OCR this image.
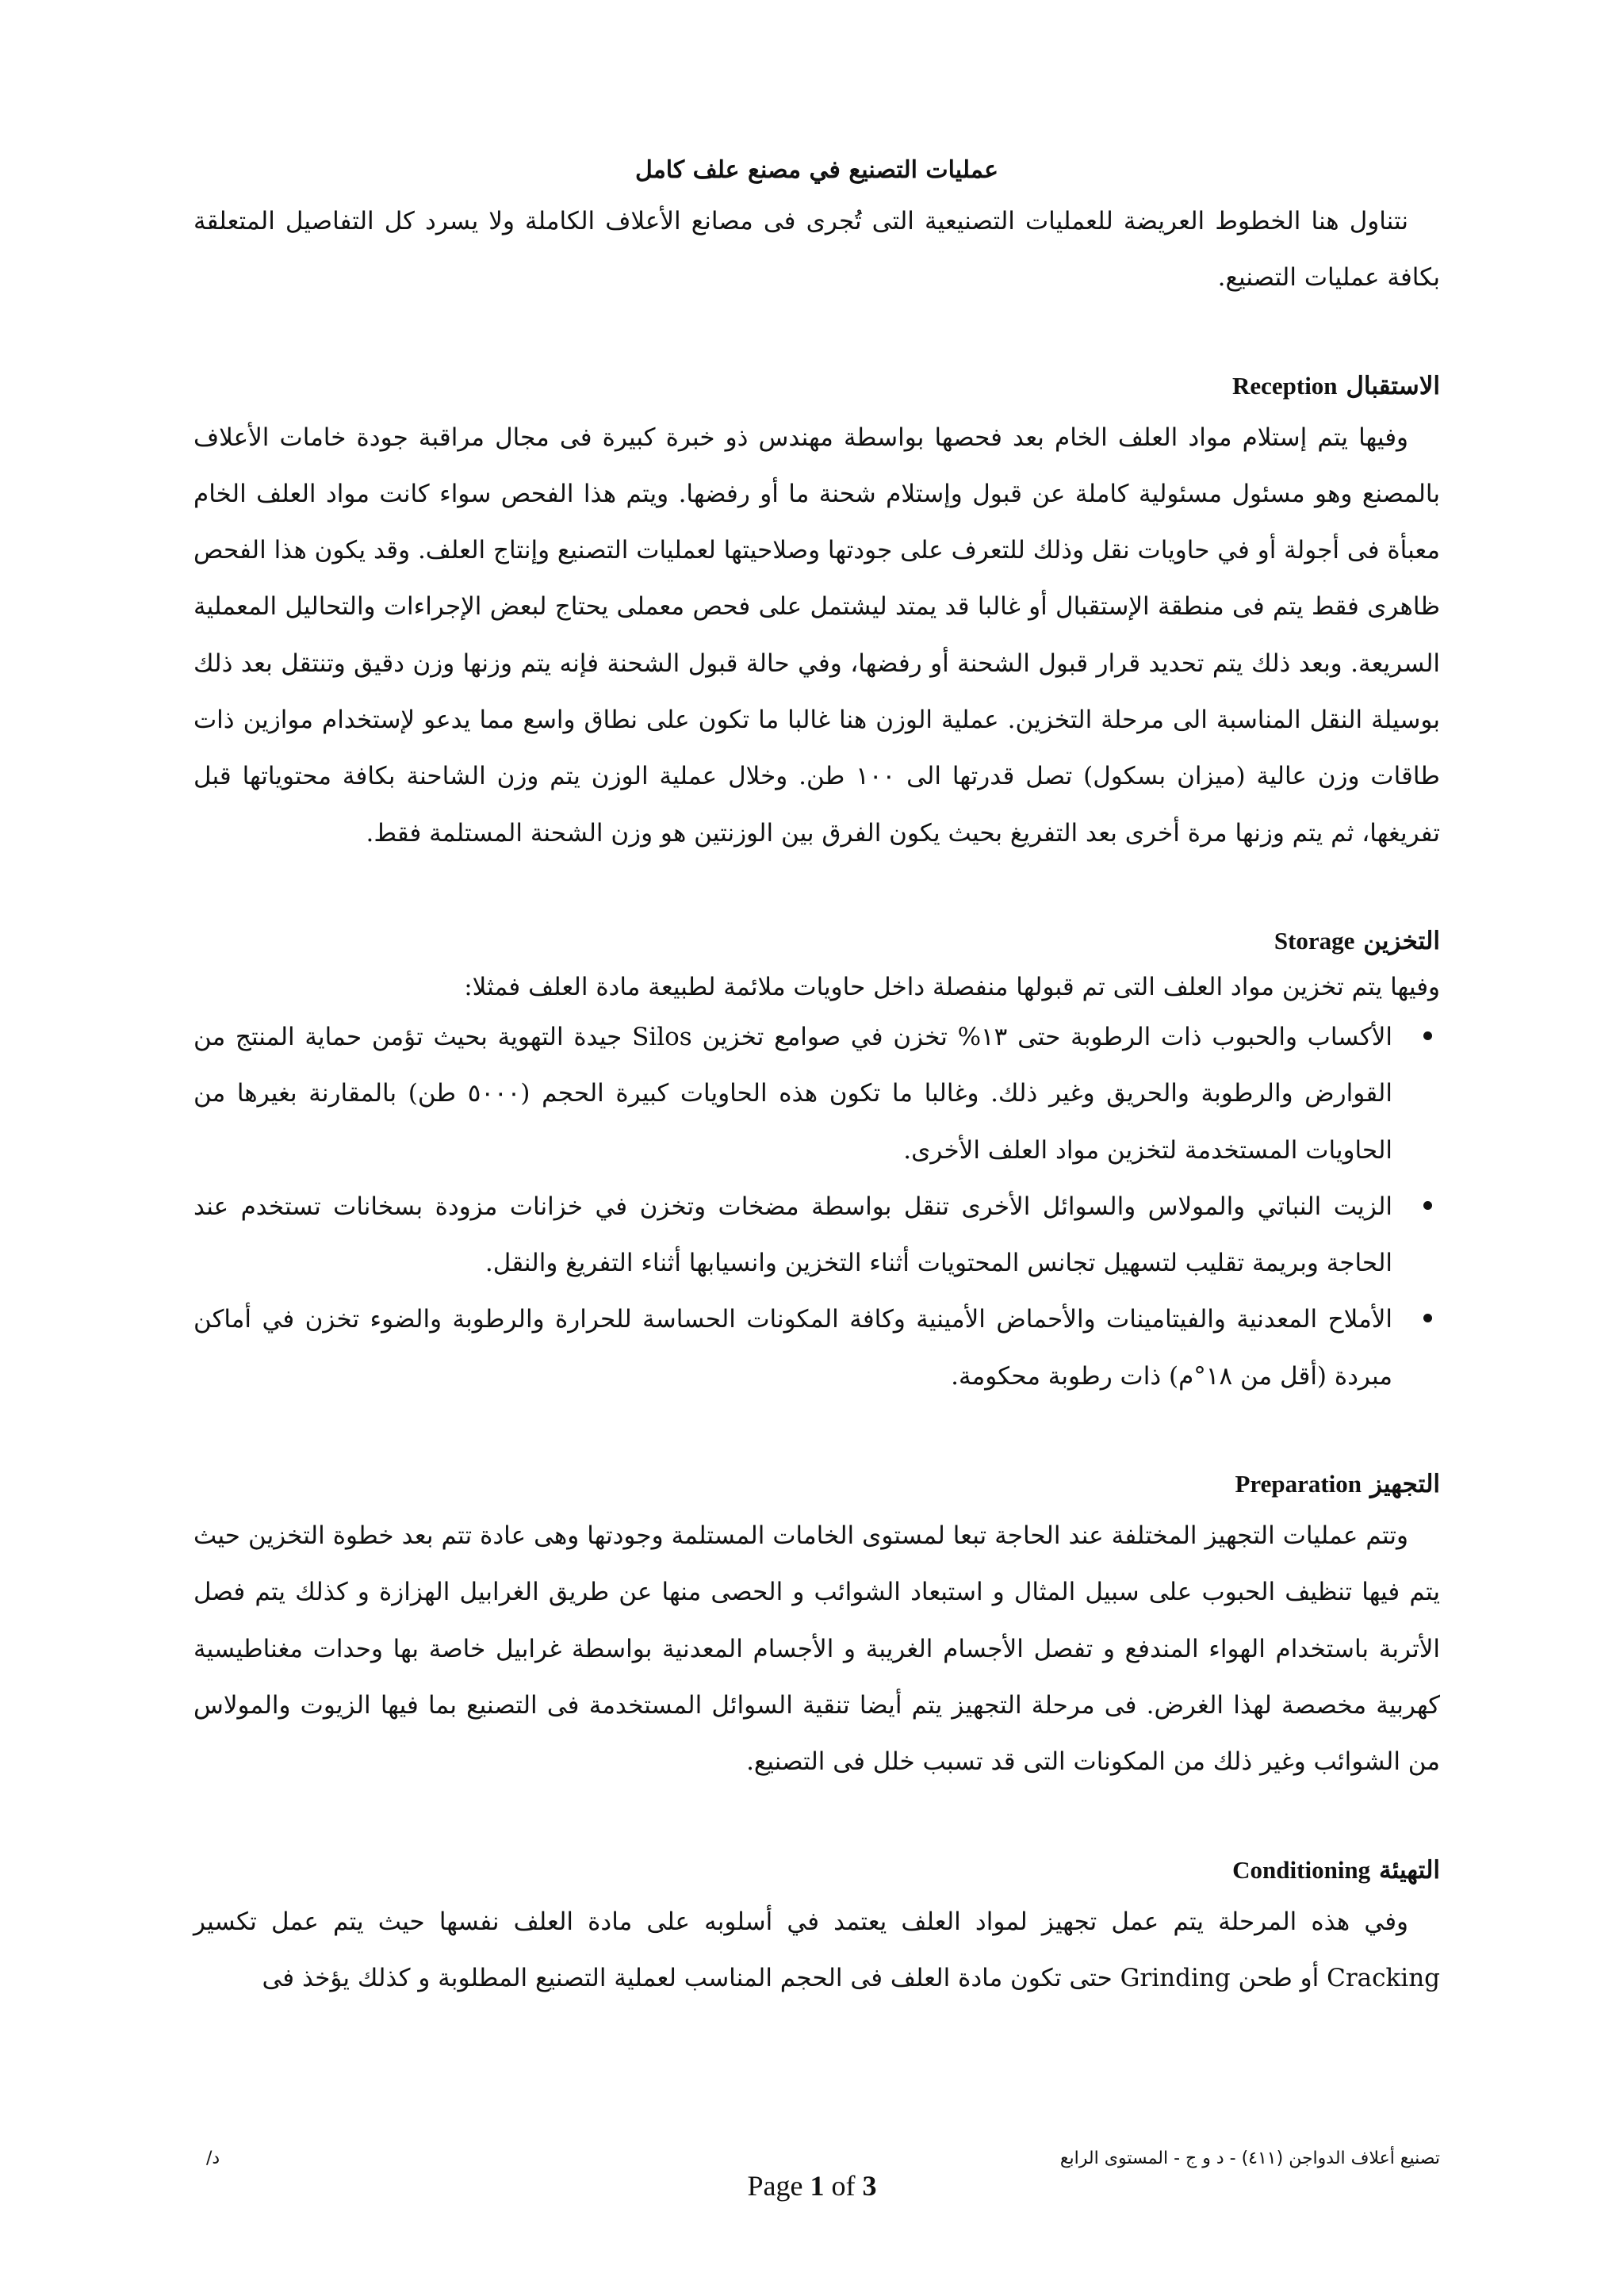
عمليات التصنيع في مصنع علف كامل

نتناول هنا الخطوط العريضة للعمليات التصنيعية التى تُجرى فى مصانع الأعلاف الكاملة ولا يسرد كل التفاصيل المتعلقة بكافة عمليات التصنيع.

الاستقبال Reception

وفيها يتم إستلام مواد العلف الخام بعد فحصها بواسطة مهندس ذو خبرة كبيرة فى مجال مراقبة جودة خامات الأعلاف بالمصنع وهو مسئول مسئولية كاملة عن قبول وإستلام شحنة ما أو رفضها. ويتم هذا الفحص سواء كانت مواد العلف الخام معبأة فى أجولة أو في حاويات نقل وذلك للتعرف على جودتها وصلاحيتها لعمليات التصنيع وإنتاج العلف. وقد يكون هذا الفحص ظاهرى فقط يتم فى منطقة الإستقبال أو غالبا قد يمتد ليشتمل على فحص معملى يحتاج لبعض الإجراءات والتحاليل المعملية السريعة. وبعد ذلك يتم تحديد قرار قبول الشحنة أو رفضها، وفي حالة قبول الشحنة فإنه يتم وزنها وزن دقيق وتنتقل بعد ذلك بوسيلة النقل المناسبة الى مرحلة التخزين. عملية الوزن هنا غالبا ما تكون على نطاق واسع مما يدعو لإستخدام موازين ذات طاقات وزن عالية (ميزان بسكول) تصل قدرتها الى ١٠٠ طن. وخلال عملية الوزن يتم وزن الشاحنة بكافة محتوياتها قبل تفريغها، ثم يتم وزنها مرة أخرى بعد التفريغ بحيث يكون الفرق بين الوزنتين هو وزن الشحنة المستلمة فقط.

التخزين Storage
وفيها يتم تخزين مواد العلف التى تم قبولها منفصلة داخل حاويات ملائمة لطبيعة مادة العلف فمثلا:
الأكساب والحبوب ذات الرطوبة حتى ١٣% تخزن في صوامع تخزين Silos جيدة التهوية بحيث تؤمن حماية المنتج من القوارض والرطوبة والحريق وغير ذلك. وغالبا ما تكون هذه الحاويات كبيرة الحجم (٥٠٠٠ طن) بالمقارنة بغيرها من الحاويات المستخدمة لتخزين مواد العلف الأخرى.
الزيت النباتي والمولاس والسوائل الأخرى تنقل بواسطة مضخات وتخزن في خزانات مزودة بسخانات تستخدم عند الحاجة وبريمة تقليب لتسهيل تجانس المحتويات أثناء التخزين وانسيابها أثناء التفريغ والنقل.
الأملاح المعدنية والفيتامينات والأحماض الأمينية وكافة المكونات الحساسة للحرارة والرطوبة والضوء تخزن في أماكن مبردة (أقل من ١٨°م) ذات رطوبة محكومة.
التجهيز Preparation

وتتم عمليات التجهيز المختلفة عند الحاجة تبعا لمستوى الخامات المستلمة وجودتها وهى عادة تتم بعد خطوة التخزين حيث يتم فيها تنظيف الحبوب على سبيل المثال و استبعاد الشوائب و الحصى منها عن طريق الغرابيل الهزازة و كذلك يتم فصل الأتربة باستخدام الهواء المندفع و تفصل الأجسام الغريبة و الأجسام المعدنية بواسطة غرابيل خاصة بها وحدات مغناطيسية كهربية مخصصة لهذا الغرض. فى مرحلة التجهيز يتم أيضا تنقية السوائل المستخدمة فى التصنيع بما فيها الزيوت والمولاس من الشوائب وغير ذلك من المكونات التى قد تسبب خلل فى التصنيع.

التهيئة Conditioning

وفي هذه المرحلة يتم عمل تجهيز لمواد العلف يعتمد في أسلوبه على مادة العلف نفسها حيث يتم عمل تكسير Cracking أو طحن Grinding حتى تكون مادة العلف فى الحجم المناسب لعملية التصنيع المطلوبة و كذلك يؤخذ فى

تصنيع أعلاف الدواجن (٤١١) - د و ج - المستوى الرابع
د/
Page 1 of 3
